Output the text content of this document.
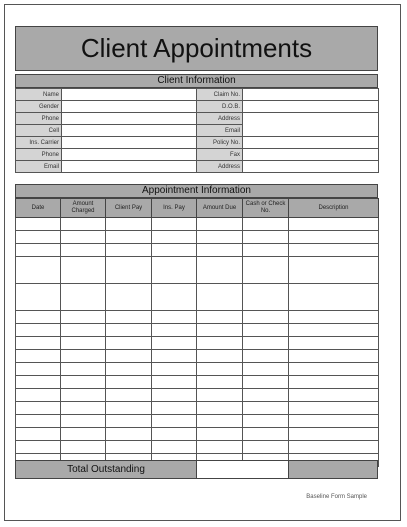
Client Appointments
Client Information
Name		Claim No.	
Gender		D.O.B.	
Phone		Address	
Cell		Email	
Ins. Carrier		Policy No.	
Phone		Fax	
Email		Address	
Appointment Information
Date	Amount Charged	Client Pay	Ins. Pay	Amount Due	Cash or Check No.	Description

Total Outstanding
Baseline Form Sample
